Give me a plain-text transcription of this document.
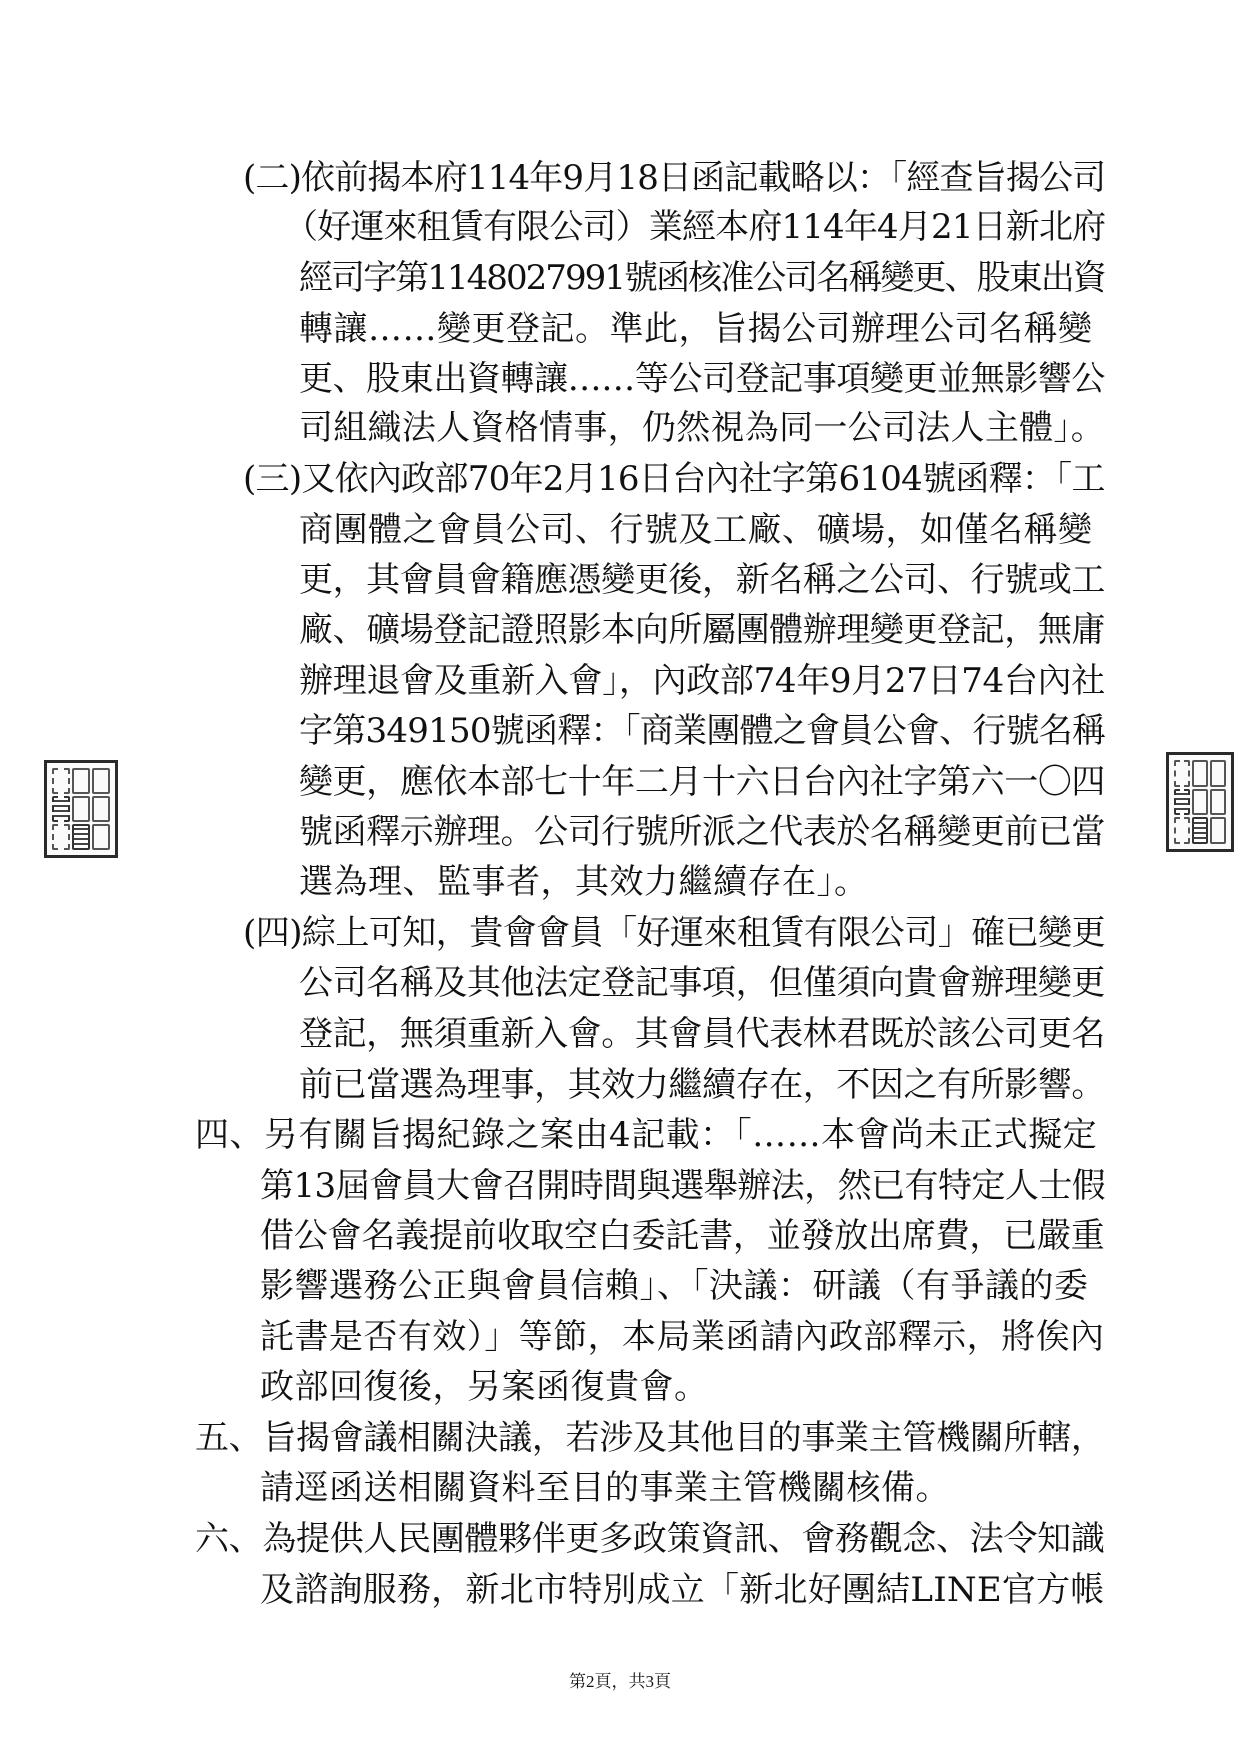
(二)依前揭本府114年9月18日函記載略以：「經查旨揭公司
（好運來租賃有限公司）業經本府114年4月21日新北府
經司字第1148027991號函核准公司名稱變更、股東出資
轉讓……變更登記。準此，旨揭公司辦理公司名稱變
更、股東出資轉讓……等公司登記事項變更並無影響公
司組織法人資格情事，仍然視為同一公司法人主體」。
(三)又依內政部70年2月16日台內社字第6104號函釋：「工
商團體之會員公司、行號及工廠、礦場，如僅名稱變
更，其會員會籍應憑變更後，新名稱之公司、行號或工
廠、礦場登記證照影本向所屬團體辦理變更登記，無庸
辦理退會及重新入會」，內政部74年9月27日74台內社
字第349150號函釋：「商業團體之會員公會、行號名稱
變更，應依本部七十年二月十六日台內社字第六一〇四
號函釋示辦理。公司行號所派之代表於名稱變更前已當
選為理、監事者，其效力繼續存在」。
(四)綜上可知，貴會會員「好運來租賃有限公司」確已變更
公司名稱及其他法定登記事項，但僅須向貴會辦理變更
登記，無須重新入會。其會員代表林君既於該公司更名
前已當選為理事，其效力繼續存在，不因之有所影響。
四、另有關旨揭紀錄之案由4記載：「……本會尚未正式擬定
第13屆會員大會召開時間與選舉辦法，然已有特定人士假
借公會名義提前收取空白委託書，並發放出席費，已嚴重
影響選務公正與會員信賴」、「決議：研議（有爭議的委
託書是否有效）」等節，本局業函請內政部釋示，將俟內
政部回復後，另案函復貴會。
五、旨揭會議相關決議，若涉及其他目的事業主管機關所轄，
請逕函送相關資料至目的事業主管機關核備。
六、為提供人民團體夥伴更多政策資訊、會務觀念、法令知識
及諮詢服務，新北市特別成立「新北好團結LINE官方帳
第2頁，共3頁
